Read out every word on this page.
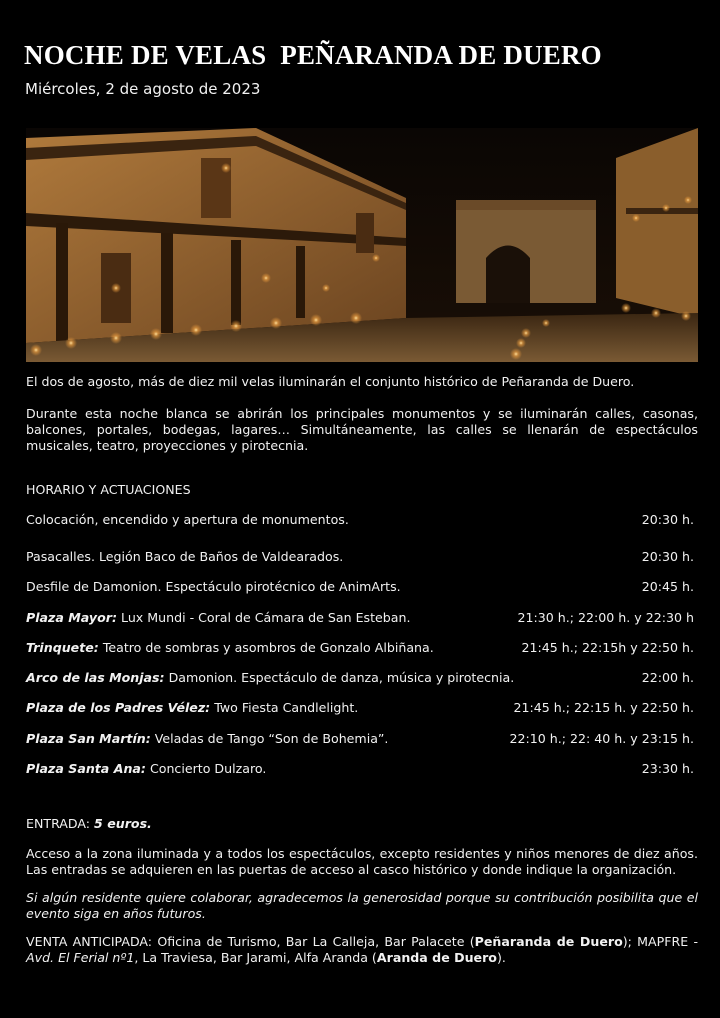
NOCHE DE VELAS  PEÑARANDA DE DUERO
Miércoles, 2 de agosto de 2023
El dos de agosto, más de diez mil velas iluminarán el conjunto histórico de Peñaranda de Duero.
Durante esta noche blanca se abrirán los principales monumentos y se iluminarán calles, casonas, balcones, portales, bodegas, lagares… Simultáneamente, las calles se llenarán de espectáculos musicales, teatro, proyecciones y pirotecnia.
HORARIO Y ACTUACIONES
Colocación, encendido y apertura de monumentos.	20:30 h.
Pasacalles. Legión Baco de Baños de Valdearados.	20:30 h.
Desfile de Damonion. Espectáculo pirotécnico de AnimArts.	20:45 h.
Plaza Mayor: Lux Mundi - Coral de Cámara de San Esteban.	21:30 h.; 22:00 h. y 22:30 h
Trinquete: Teatro de sombras y asombros de Gonzalo Albiñana.	21:45 h.; 22:15h y 22:50 h.
Arco de las Monjas: Damonion. Espectáculo de danza, música y pirotecnia.	22:00 h.
Plaza de los Padres Vélez: Two Fiesta Candlelight.	21:45 h.; 22:15 h. y 22:50 h.
Plaza San Martín: Veladas de Tango “Son de Bohemia”.	22:10 h.; 22: 40 h. y 23:15 h.
Plaza Santa Ana: Concierto Dulzaro.	23:30 h.
ENTRADA: 5 euros.
Acceso a la zona iluminada y a todos los espectáculos, excepto residentes y niños menores de diez años. Las entradas se adquieren en las puertas de acceso al casco histórico y donde indique la organización.
Si algún residente quiere colaborar, agradecemos la generosidad porque su contribución posibilita que el evento siga en años futuros.
VENTA ANTICIPADA: Oficina de Turismo, Bar La Calleja, Bar Palacete (Peñaranda de Duero); MAPFRE -Avd. El Ferial nº1, La Traviesa, Bar Jarami, Alfa Aranda (Aranda de Duero).
